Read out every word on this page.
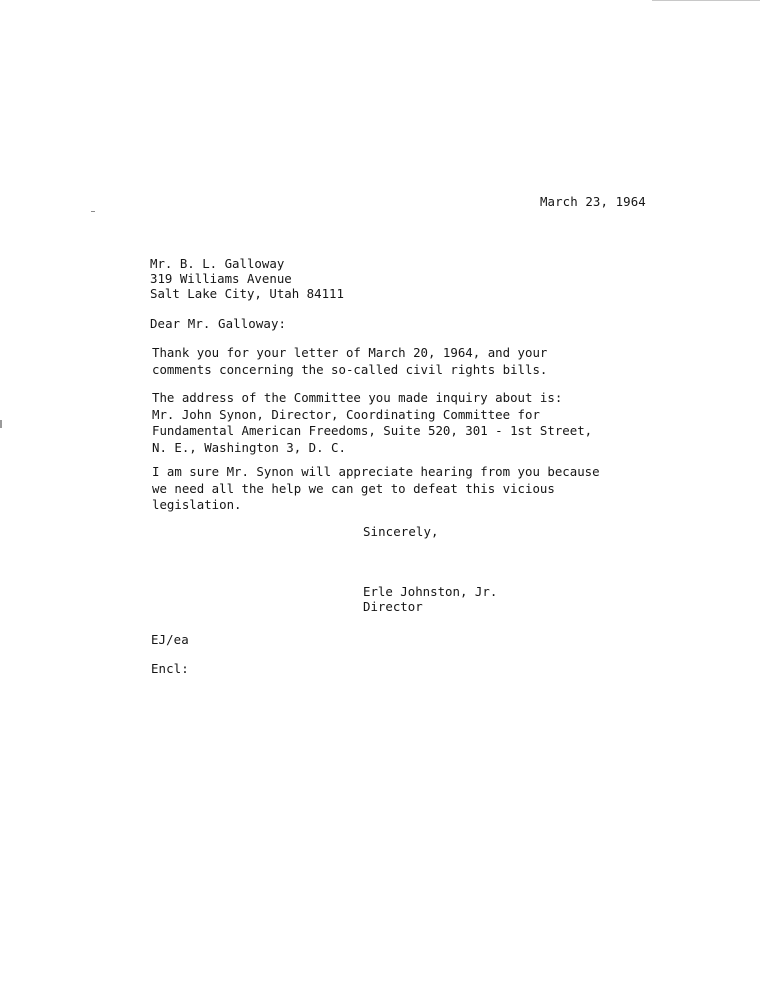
March 23, 1964
Mr. B. L. Galloway
319 Williams Avenue
Salt Lake City, Utah 84111
Dear Mr. Galloway:
Thank you for your letter of March 20, 1964, and your
comments concerning the so-called civil rights bills.
The address of the Committee you made inquiry about is:
Mr. John Synon, Director, Coordinating Committee for
Fundamental American Freedoms, Suite 520, 301 - 1st Street,
N. E., Washington 3, D. C.
I am sure Mr. Synon will appreciate hearing from you because
we need all the help we can get to defeat this vicious
legislation.
Sincerely,
Erle Johnston, Jr.
Director
EJ/ea
Encl:
